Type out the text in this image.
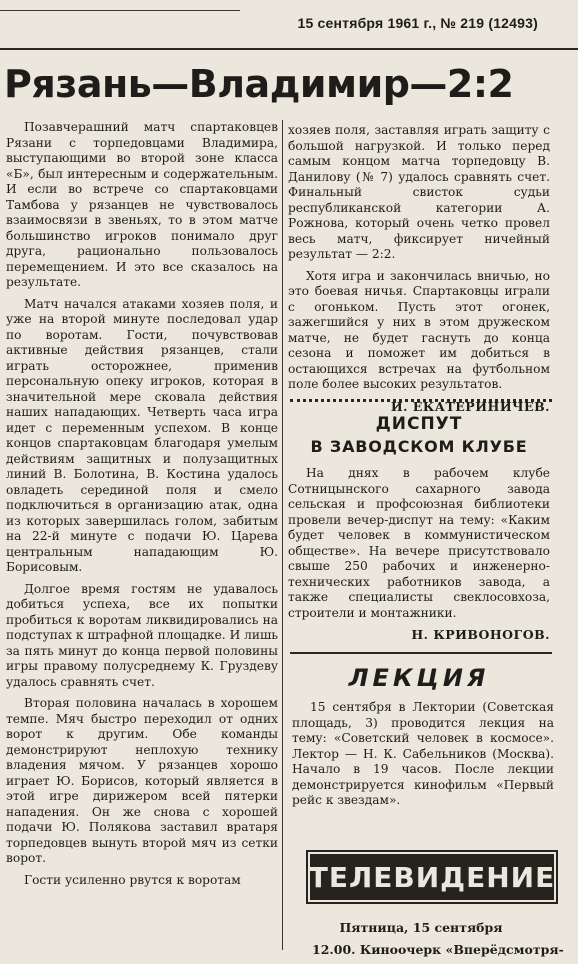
15 сентября 1961 г., № 219 (12493)
Рязань—Владимир—2:2

Позавчерашний матч спартаковцев Рязани с торпедовцами Владимира, выступающими во второй зоне класса «Б», был интересным и содержательным. И если во встрече со спартаковцами Тамбова у рязанцев не чувствовалось взаимосвязи в звеньях, то в этом матче большинство игроков понимало друг друга, рационально пользовалось перемещением. И это все сказалось на результате.

Матч начался атаками хозяев поля, и уже на второй минуте последовал удар по воротам. Гости, почувствовав активные действия рязанцев, стали играть осторожнее, применив персональную опеку игроков, которая в значительной мере сковала действия наших нападающих. Четверть часа игра идет с переменным успехом. В конце концов спартаковцам благодаря умелым действиям защитных и полузащитных линий В. Болотина, В. Костина удалось овладеть серединой поля и смело подключиться в организацию атак, одна из которых завершилась голом, забитым на 22-й минуте с подачи Ю. Царева центральным нападающим Ю. Борисовым.

Долгое время гостям не удавалось добиться успеха, все их попытки пробиться к воротам ликвидировались на подступах к штрафной площадке. И лишь за пять минут до конца первой половины игры правому полусреднему К. Груздеву удалось сравнять счет.

Вторая половина началась в хорошем темпе. Мяч быстро переходил от одних ворот к другим. Обе команды демонстрируют неплохую технику владения мячом. У рязанцев хорошо играет Ю. Борисов, который является в этой игре дирижером всей пятерки нападения. Он же снова с хорошей подачи Ю. Полякова заставил вратаря торпедовцев вынуть второй мяч из сетки ворот.

Гости усиленно рвутся к воротам

хозяев поля, заставляя играть защиту с большой нагрузкой. И только перед самым концом матча торпедовцу В. Данилову (№ 7) удалось сравнять счет. Финальный свисток судьи республиканской категории А. Рожнова, который очень четко провел весь матч, фиксирует ничейный результат — 2:2.

Хотя игра и закончилась вничью, но это боевая ничья. Спартаковцы играли с огоньком. Пусть этот огонек, зажегшийся у них в этом дружеском матче, не будет гаснуть до конца сезона и поможет им добиться в остающихся встречах на футбольном поле более высоких результатов.

И. ЕКАТЕРИНИЧЕВ.
ДИСПУТ
В ЗАВОДСКОМ КЛУБЕ

На днях в рабочем клубе Сотницынского сахарного завода сельская и профсоюзная библиотеки провели вечер-диспут на тему: «Каким будет человек в коммунистическом обществе». На вечере присутствовало свыше 250 рабочих и инженерно-технических работников завода, а также специалисты свеклосовхоза, строители и монтажники.

Н. КРИВОНОГОВ.
ЛЕКЦИЯ

15 сентября в Лектории (Советская площадь, 3) проводится лекция на тему: «Советский человек в космосе». Лектор — Н. К. Сабельников (Москва). Начало в 19 часов. После лекции демонстрируется кинофильм «Первый рейс к звездам».

ТЕЛЕВИДЕНИЕ
Пятница, 15 сентября
12.00. Киноочерк «Вперёдсмотря-
